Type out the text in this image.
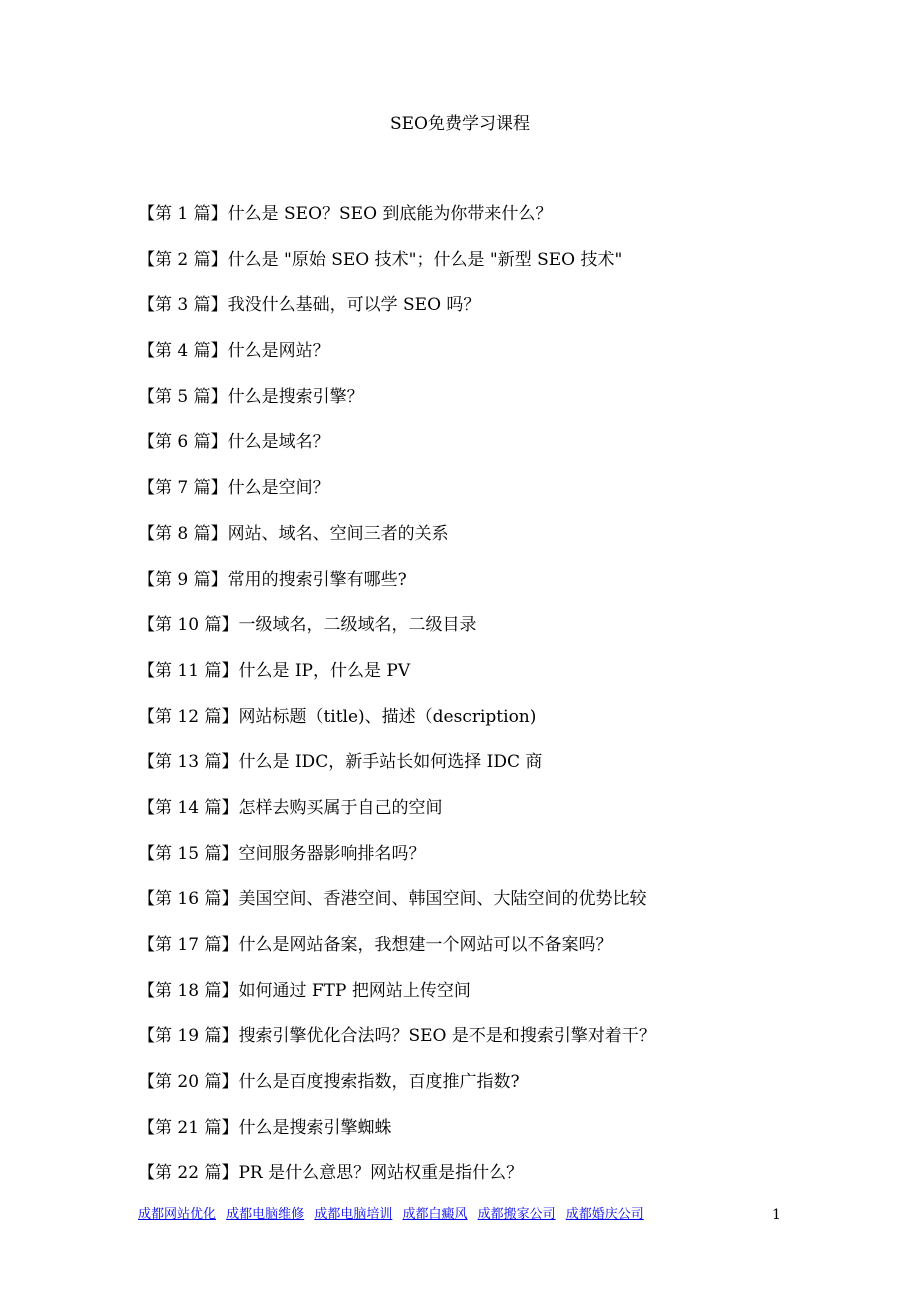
SEO免费学习课程
【第 1 篇】什么是 SEO？SEO 到底能为你带来什么？
【第 2 篇】什么是 "原始 SEO 技术"；什么是 "新型 SEO 技术"
【第 3 篇】我没什么基础，可以学 SEO 吗？
【第 4 篇】什么是网站？
【第 5 篇】什么是搜索引擎？
【第 6 篇】什么是域名？
【第 7 篇】什么是空间？
【第 8 篇】网站、域名、空间三者的关系
【第 9 篇】常用的搜索引擎有哪些?
【第 10 篇】一级域名，二级域名，二级目录
【第 11 篇】什么是 IP，什么是 PV
【第 12 篇】网站标题（title)、描述（description)
【第 13 篇】什么是 IDC，新手站长如何选择 IDC 商
【第 14 篇】怎样去购买属于自己的空间
【第 15 篇】空间服务器影响排名吗？
【第 16 篇】美国空间、香港空间、韩国空间、大陆空间的优势比较
【第 17 篇】什么是网站备案，我想建一个网站可以不备案吗？
【第 18 篇】如何通过 FTP 把网站上传空间
【第 19 篇】搜索引擎优化合法吗？SEO 是不是和搜索引擎对着干？
【第 20 篇】什么是百度搜索指数，百度推广指数?
【第 21 篇】什么是搜索引擎蜘蛛
【第 22 篇】PR 是什么意思？网站权重是指什么？
成都网站优化 成都电脑维修 成都电脑培训 成都白癜风 成都搬家公司 成都婚庆公司	1
